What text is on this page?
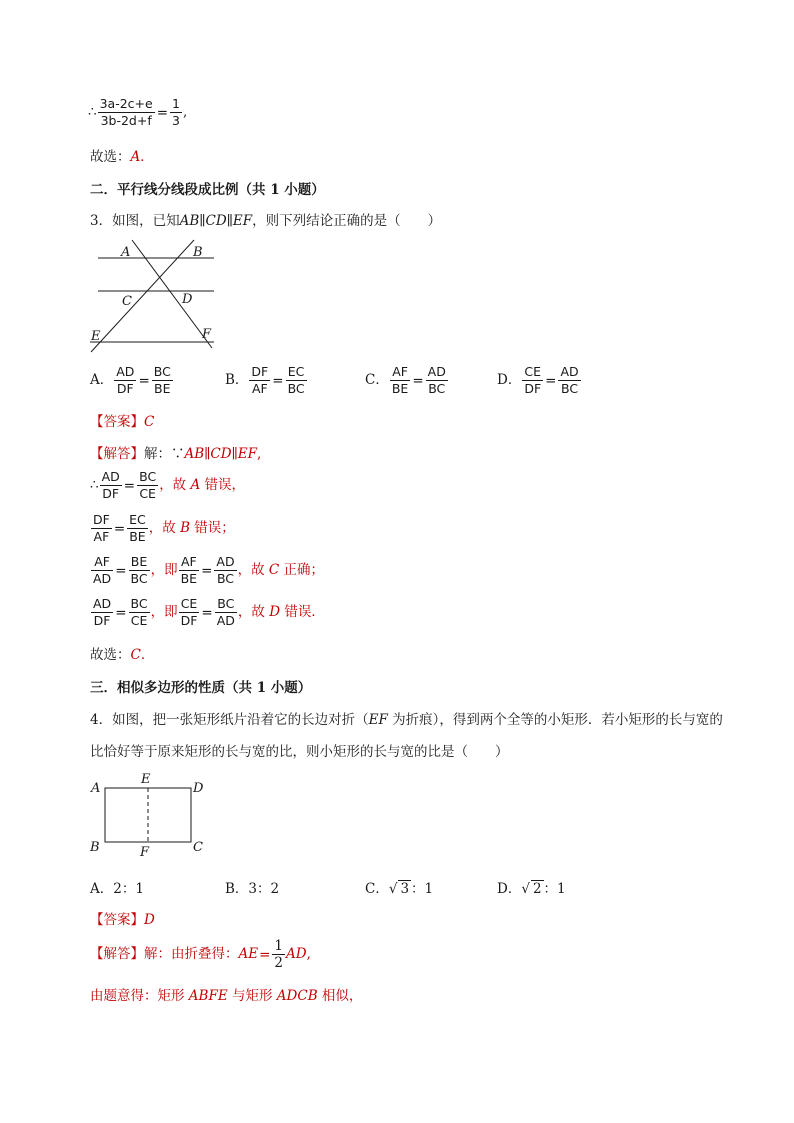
∴ $\frac{3a-2c+e}{3b-2d+f} = \frac{1}{3}$ ,
故选：A．
二．平行线分线段成比例（共 1 小题）
3．如图，已知AB∥CD∥EF，则下列结论正确的是（　　）
A	B
C	D
E	F
A． $\frac{AD}{DF} = \frac{BC}{BE}$	B． $\frac{DF}{AF} = \frac{EC}{BC}$	C． $\frac{AF}{BE} = \frac{AD}{BC}$	D． $\frac{CE}{DF} = \frac{AD}{BC}$
【答案】C
【解答】解：∵AB∥CD∥EF,
∴ $\frac{AD}{DF} = \frac{BC}{CE}$ ，故 A 错误，
$\frac{DF}{AF} = \frac{EC}{BE}$ ，故 B 错误；
$\frac{AF}{AD} = \frac{BE}{BC}$ ，即 $\frac{AF}{BE} = \frac{AD}{BC}$ ，故 C 正确；
$\frac{AD}{DF} = \frac{BC}{CE}$ ，即 $\frac{CE}{DF} = \frac{BC}{AD}$ ，故 D 错误．
故选：C．
三．相似多边形的性质（共 1 小题）
4．如图，把一张矩形纸片沿着它的长边对折（EF 为折痕），得到两个全等的小矩形．若小矩形的长与宽的
比恰好等于原来矩形的长与宽的比，则小矩形的长与宽的比是（　　）
A
E
D
B	F	C
A．2：1	B．3：2	C．√ 3 ：1	D．√ 2 ：1
【答案】D
【解答】解：由折叠得：$AE= \frac{1}{2}$ AD,
由题意得：矩形 ABFE 与矩形 ADCB 相似，
